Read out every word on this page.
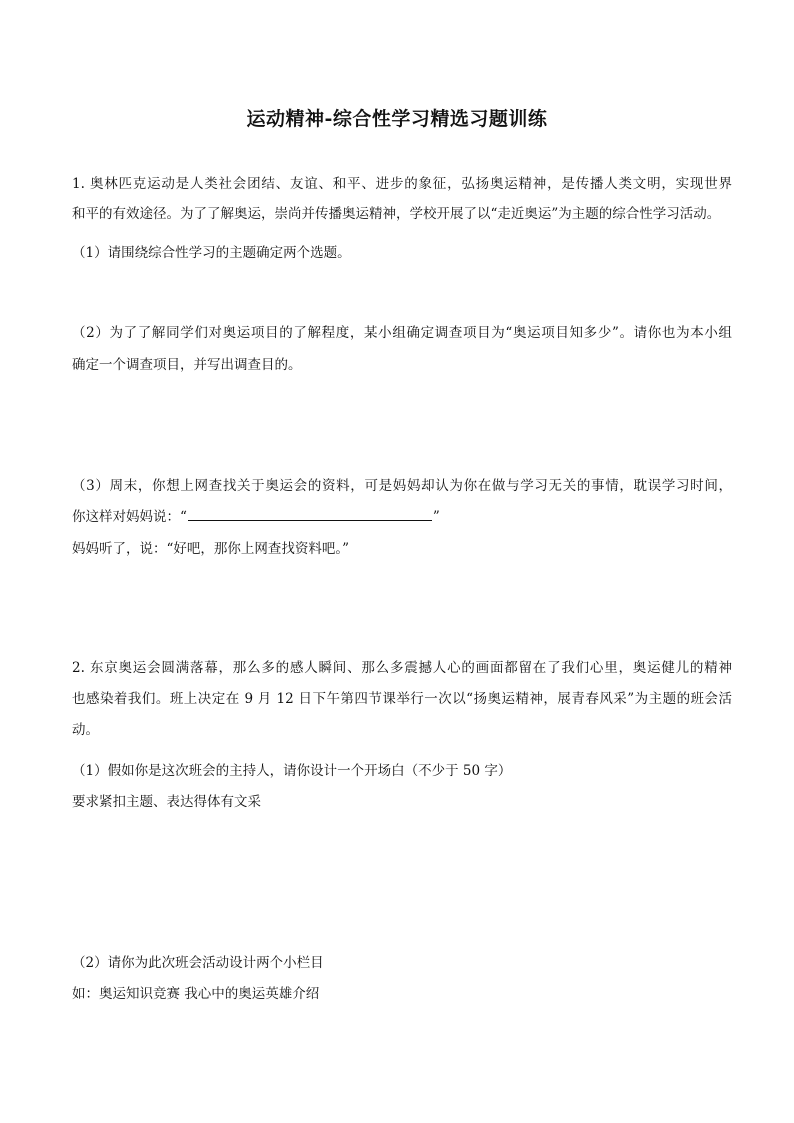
运动精神-综合性学习精选习题训练
1. 奥林匹克运动是人类社会团结、友谊、和平、进步的象征，弘扬奥运精神，是传播人类文明，实现世界
和平的有效途径。为了了解奥运，崇尚并传播奥运精神，学校开展了以“走近奥运”为主题的综合性学习活动。
（1）请围绕综合性学习的主题确定两个选题。
（2）为了了解同学们对奥运项目的了解程度，某小组确定调查项目为“奥运项目知多少”。请你也为本小组
确定一个调查项目，并写出调查目的。
（3）周末，你想上网查找关于奥运会的资料，可是妈妈却认为你在做与学习无关的事情，耽误学习时间，
你这样对妈妈说：“	”
妈妈听了，说：“好吧，那你上网查找资料吧。”
2. 东京奥运会圆满落幕，那么多的感人瞬间、那么多震撼人心的画面都留在了我们心里，奥运健儿的精神
也感染着我们。班上决定在 9 月 12 日下午第四节课举行一次以“扬奥运精神，展青春风采”为主题的班会活
动。
（1）假如你是这次班会的主持人，请你设计一个开场白（不少于 50 字）
要求紧扣主题、表达得体有文采
（2）请你为此次班会活动设计两个小栏目
如：奥运知识竞赛 我心中的奥运英雄介绍
